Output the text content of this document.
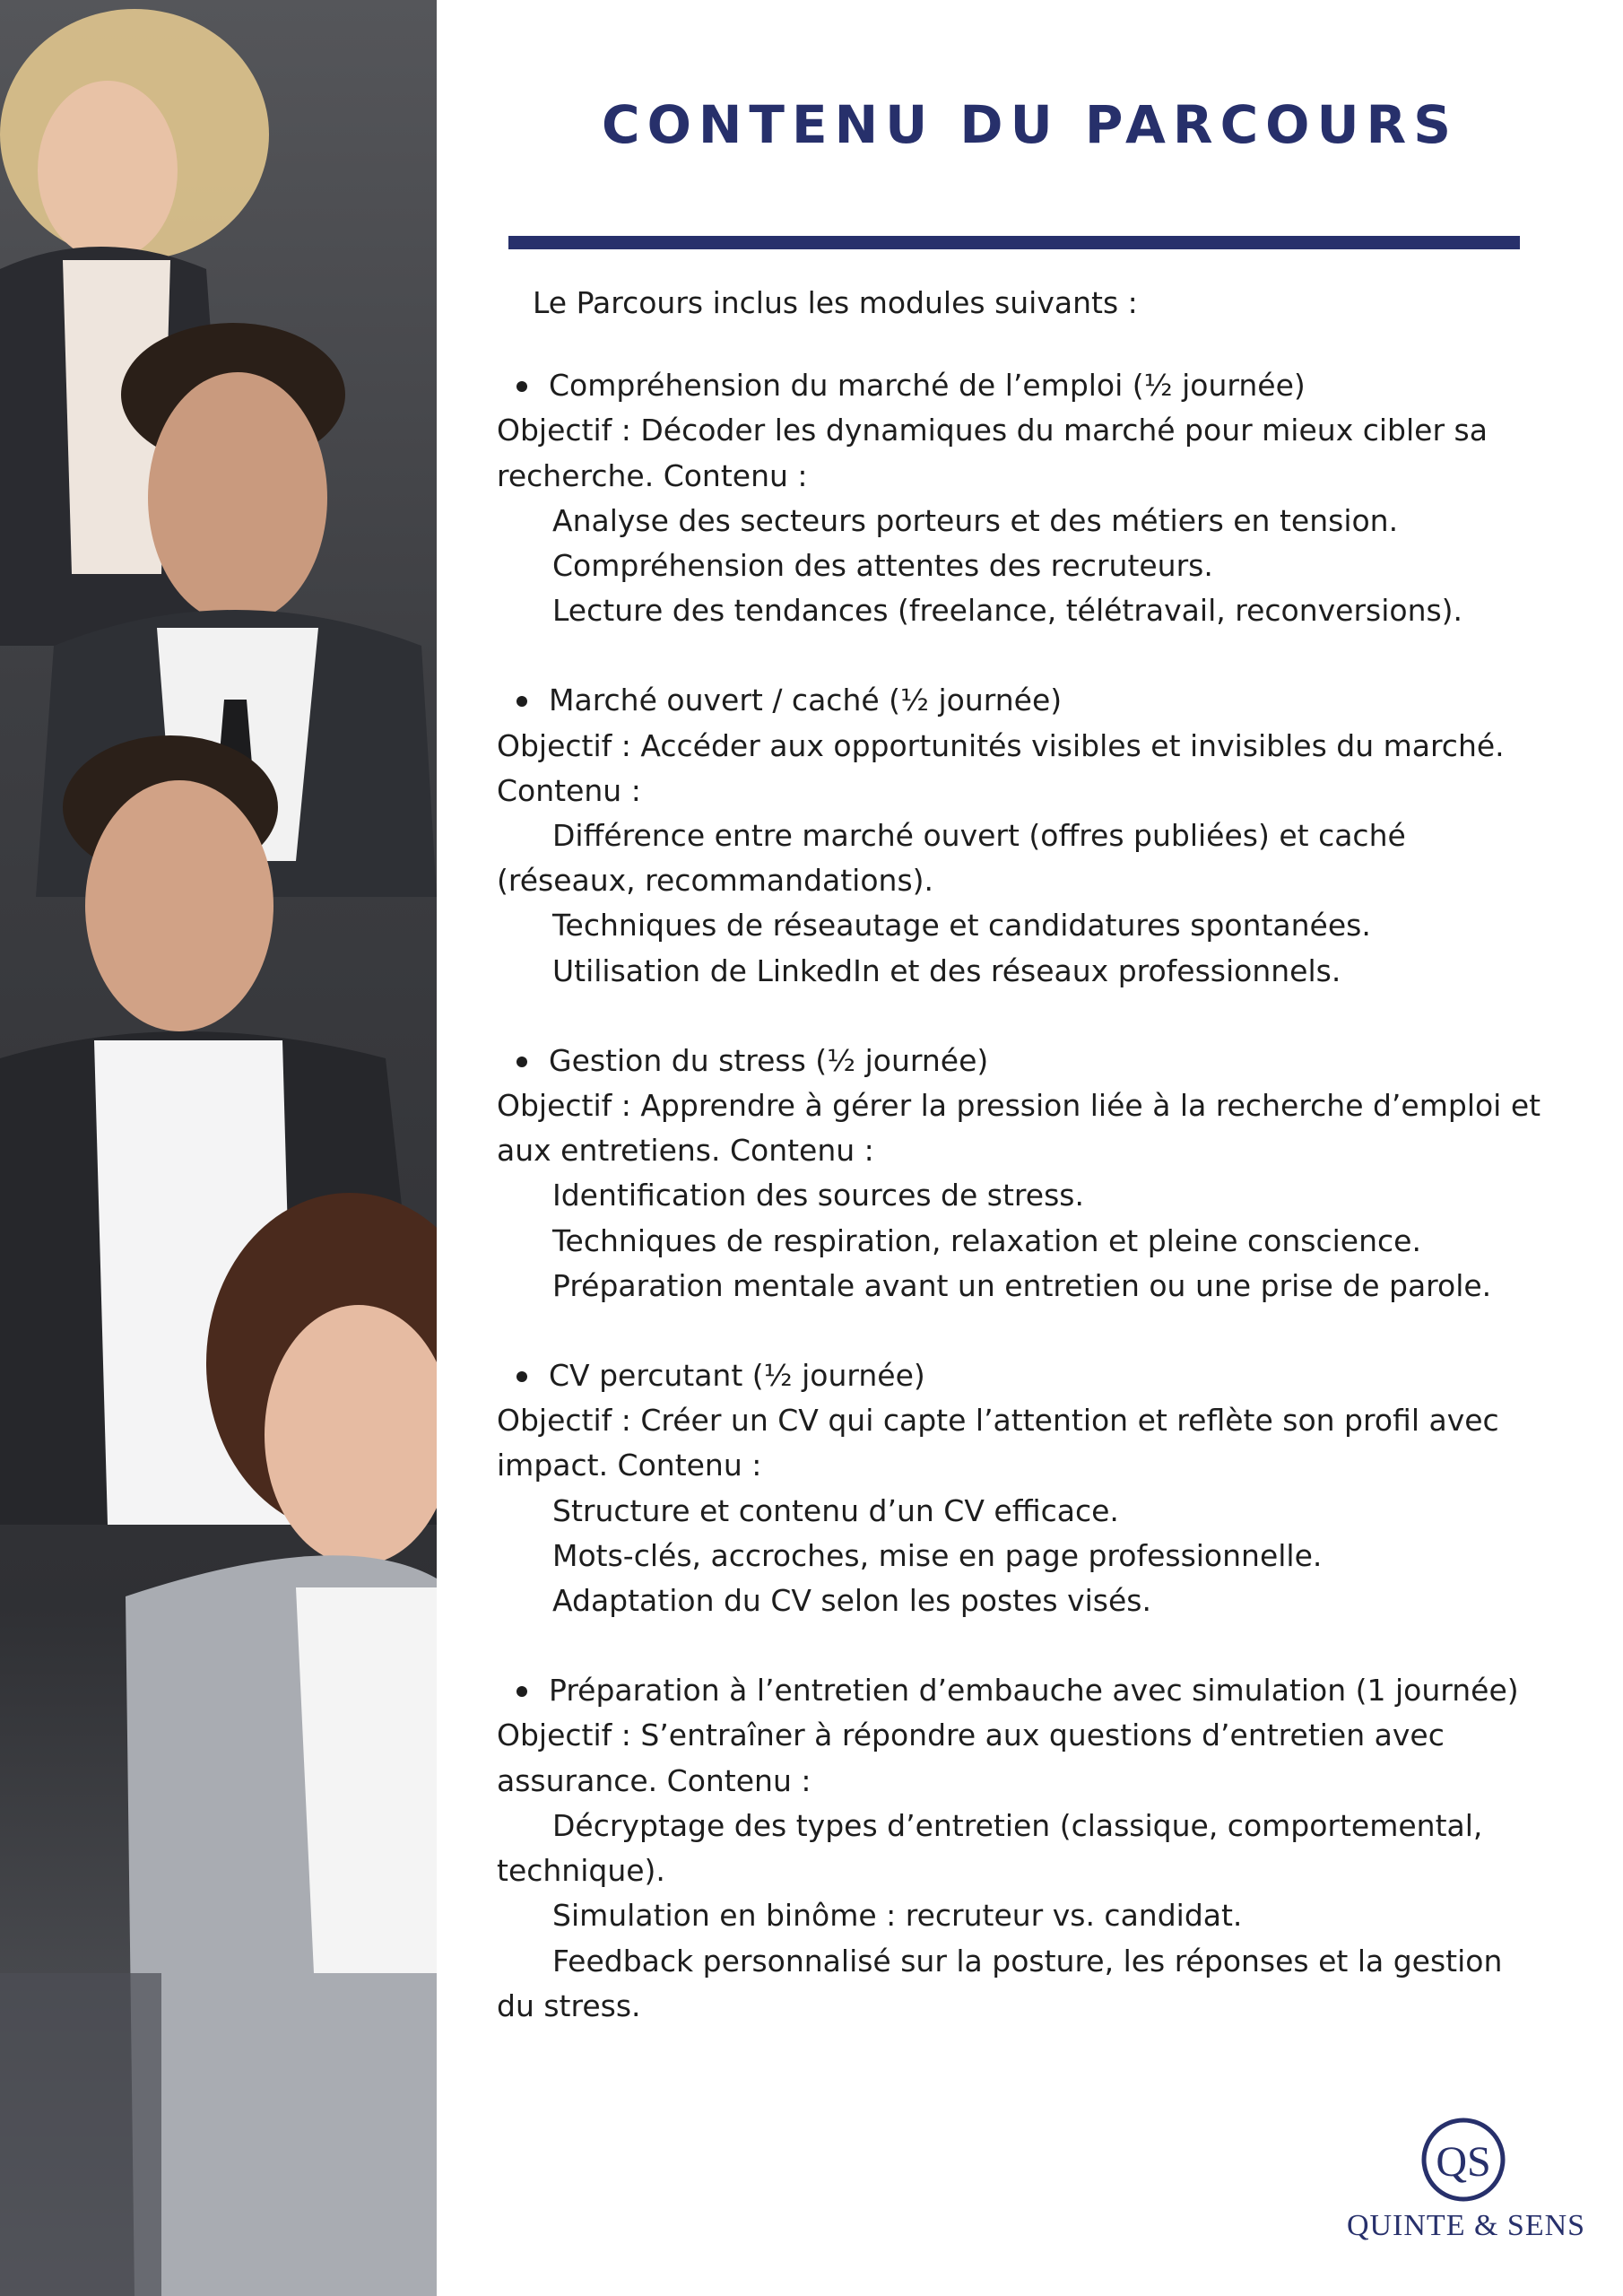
CONTENU DU PARCOURS

Le Parcours inclus les modules suivants :

Compréhension du marché de l’emploi (½ journée)
Objectif : Décoder les dynamiques du marché pour mieux cibler sa recherche. Contenu :
Analyse des secteurs porteurs et des métiers en tension.
Compréhension des attentes des recruteurs.
Lecture des tendances (freelance, télétravail, reconversions).
Marché ouvert / caché (½ journée)
Objectif : Accéder aux opportunités visibles et invisibles du marché. Contenu :
Différence entre marché ouvert (offres publiées) et caché (réseaux, recommandations).
Techniques de réseautage et candidatures spontanées.
Utilisation de LinkedIn et des réseaux professionnels.
Gestion du stress (½ journée)
Objectif : Apprendre à gérer la pression liée à la recherche d’emploi et aux entretiens. Contenu :
Identification des sources de stress.
Techniques de respiration, relaxation et pleine conscience.
Préparation mentale avant un entretien ou une prise de parole.
CV percutant (½ journée)
Objectif : Créer un CV qui capte l’attention et reflète son profil avec impact. Contenu :
Structure et contenu d’un CV efficace.
Mots-clés, accroches, mise en page professionnelle.
Adaptation du CV selon les postes visés.
Préparation à l’entretien d’embauche avec simulation (1 journée)
Objectif : S’entraîner à répondre aux questions d’entretien avec assurance. Contenu :
Décryptage des types d’entretien (classique, comportemental, technique).
Simulation en binôme : recruteur vs. candidat.
Feedback personnalisé sur la posture, les réponses et la gestion du stress.
QS
QUINTE & SENS
